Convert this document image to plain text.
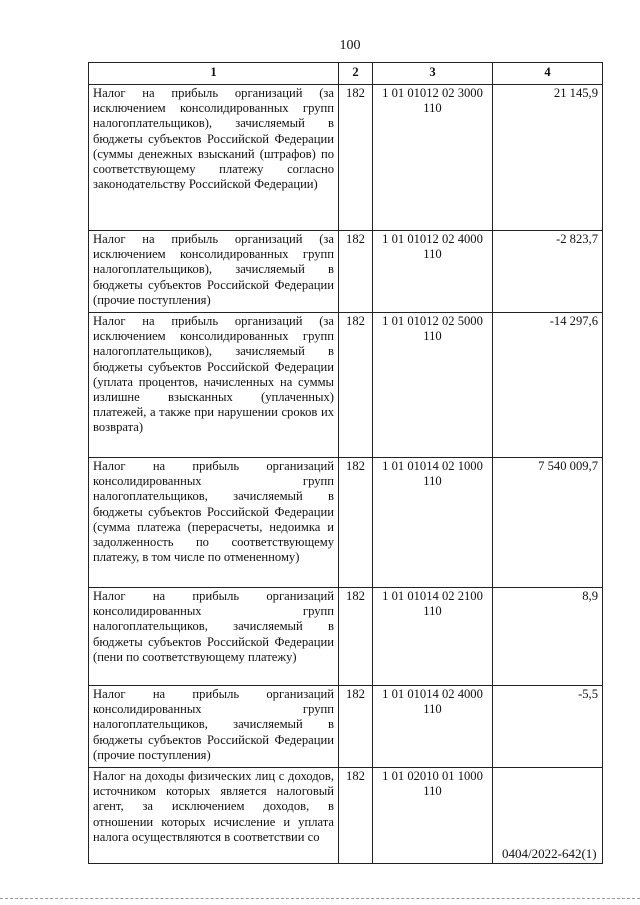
100
1	2	3	4
Налог на прибыль организаций (за исключением консолидированных групп налогоплательщиков), зачисляемый в бюджеты субъектов Российской Федерации (суммы денежных взысканий (штрафов) по соответствующему платежу согласно законодательству Российской Федерации)	182	1 01 01012 02 3000 110	21 145,9
Налог на прибыль организаций (за исключением консолидированных групп налогоплательщиков), зачисляемый в бюджеты субъектов Российской Федерации (прочие поступления)	182	1 01 01012 02 4000 110	-2 823,7
Налог на прибыль организаций (за исключением консолидированных групп налогоплательщиков), зачисляемый в бюджеты субъектов Российской Федерации (уплата процентов, начисленных на суммы излишне взысканных (уплаченных) платежей, а также при нарушении сроков их возврата)	182	1 01 01012 02 5000 110	-14 297,6
Налог на прибыль организаций консолидированных групп налогоплательщиков, зачисляемый в бюджеты субъектов Российской Федерации (сумма платежа (перерасчеты, недоимка и задолженность по соответствующему платежу, в том числе по отмененному)	182	1 01 01014 02 1000 110	7 540 009,7
Налог на прибыль организаций консолидированных групп налогоплательщиков, зачисляемый в бюджеты субъектов Российской Федерации (пени по соответствующему платежу)	182	1 01 01014 02 2100 110	8,9
Налог на прибыль организаций консолидированных групп налогоплательщиков, зачисляемый в бюджеты субъектов Российской Федерации (прочие поступления)	182	1 01 01014 02 4000 110	-5,5
Налог на доходы физических лиц с доходов, источником которых является налоговый агент, за исключением доходов, в отношении которых исчисление и уплата налога осуществляются в соответствии со	182	1 01 02010 01 1000 110	
0404/2022-642(1)
